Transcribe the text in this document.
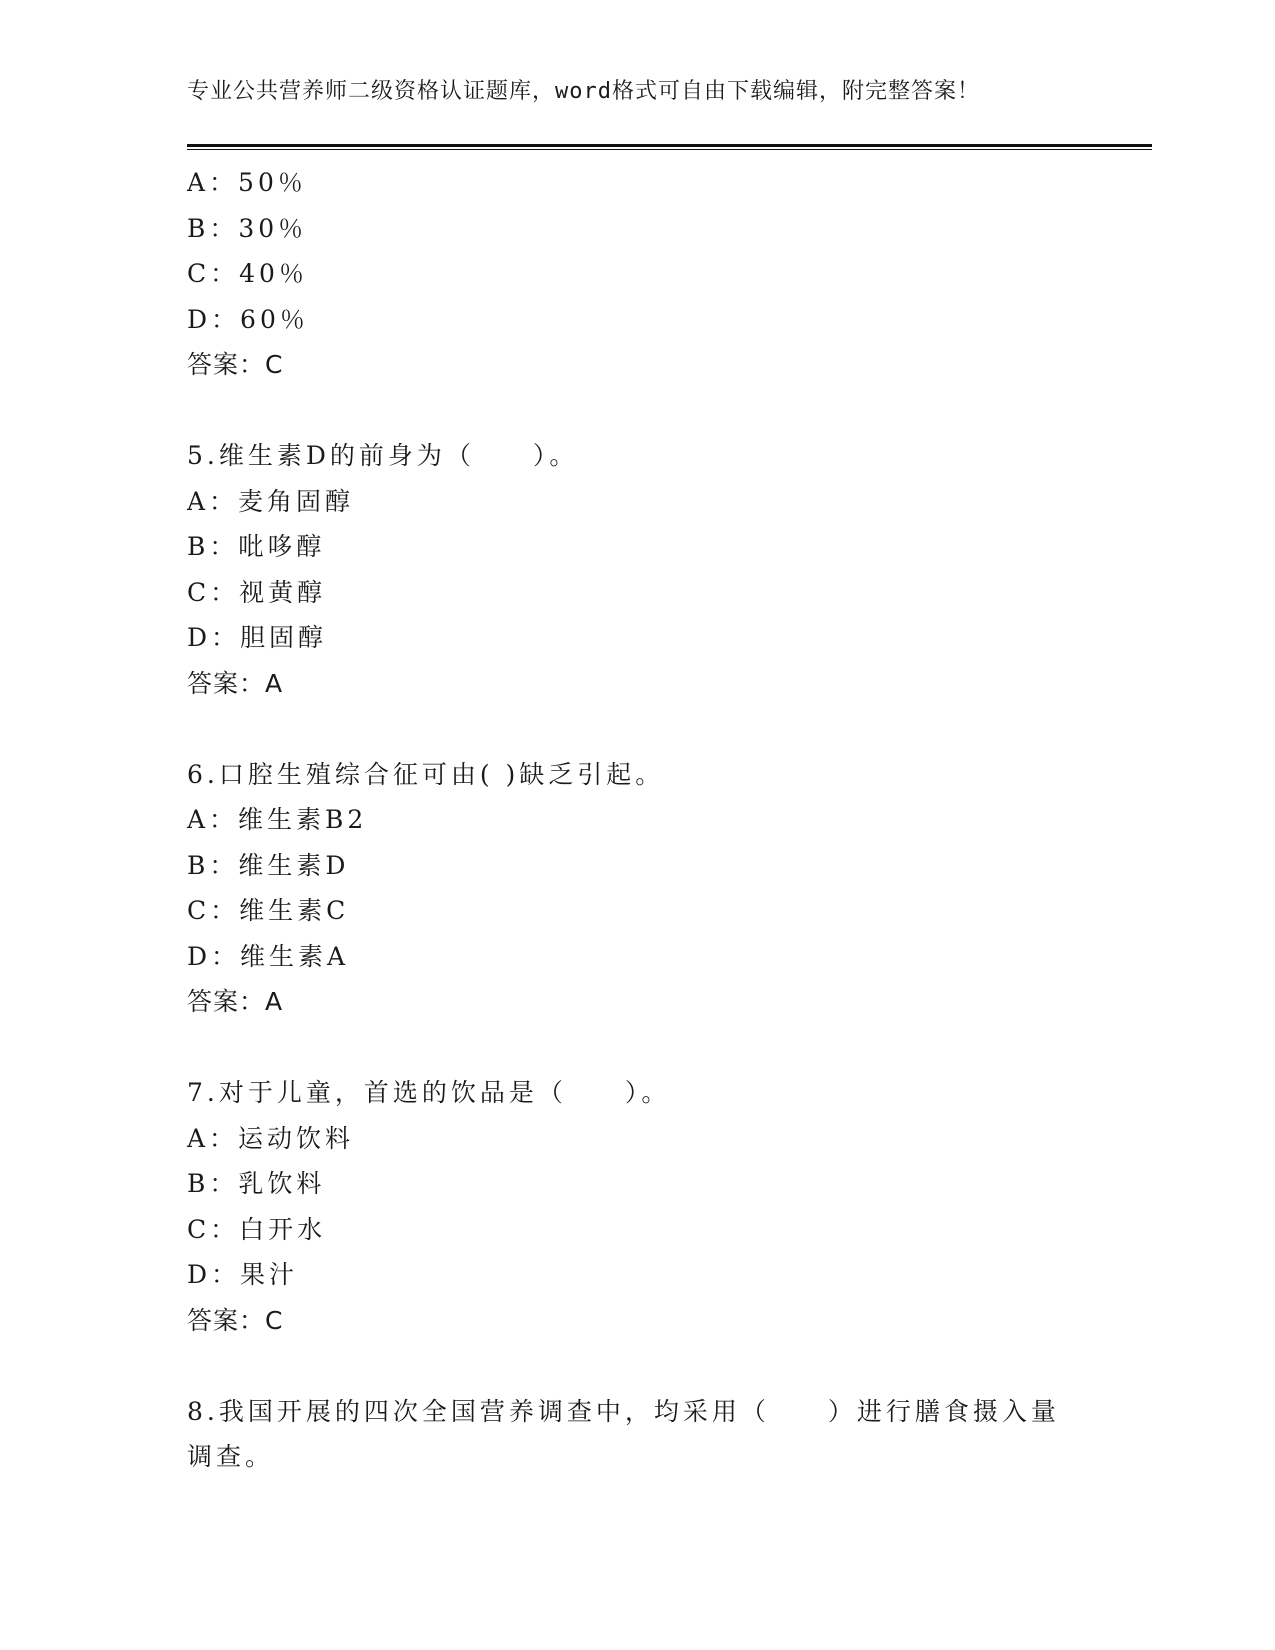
专业公共营养师二级资格认证题库，word格式可自由下载编辑，附完整答案！
A：50％
B：30％
C：40％
D：60％
答案：C
5.维生素D的前身为（　　）。
A：麦角固醇
B：吡哆醇
C：视黄醇
D：胆固醇
答案：A
6.口腔生殖综合征可由( )缺乏引起。
A：维生素B2
B：维生素D
C：维生素C
D：维生素A
答案：A
7.对于儿童，首选的饮品是（　　）。
A：运动饮料
B：乳饮料
C：白开水
D：果汁
答案：C
8.我国开展的四次全国营养调查中，均采用（　　）进行膳食摄入量
调查。
